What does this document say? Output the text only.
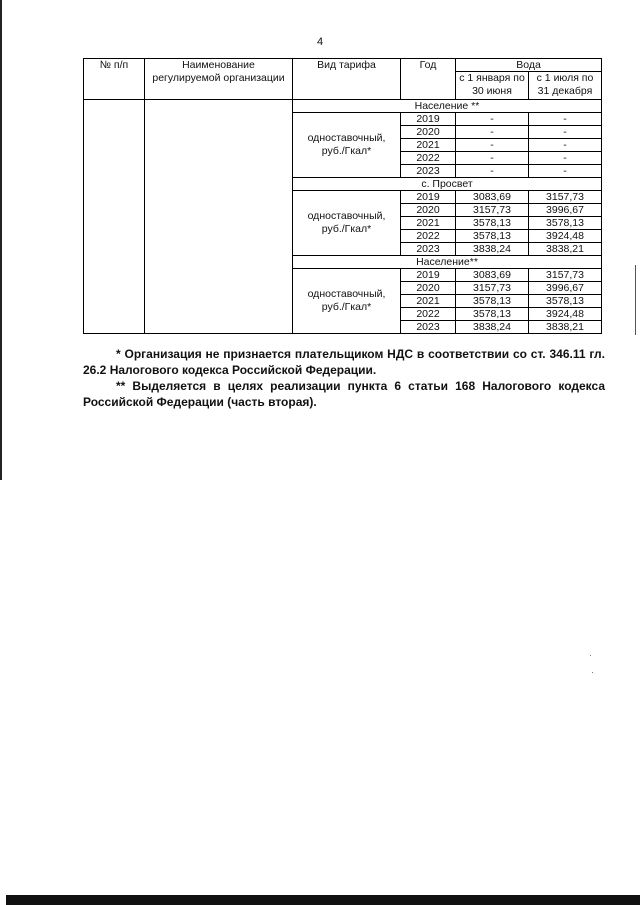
4
№ п/п	Наименование регулируемой организации	Вид тарифа	Год	Вода	
				с 1 января по 30 июня	с 1 июля по 31 декабря
		Население **			
		одноставочный, руб./Гкал*	2019	-	-
			2020	-	-
			2021	-	-
			2022	-	-
			2023	-	-
		с. Просвет			
		одноставочный, руб./Гкал*	2019	3083,69	3157,73
			2020	3157,73	3996,67
			2021	3578,13	3578,13
			2022	3578,13	3924,48
			2023	3838,24	3838,21
		Население**			
		одноставочный, руб./Гкал*	2019	3083,69	3157,73
			2020	3157,73	3996,67
			2021	3578,13	3578,13
			2022	3578,13	3924,48
			2023	3838,24	3838,21

* Организация не признается плательщиком НДС в соответствии со ст. 346.11 гл. 26.2 Налогового кодекса Российской Федерации.

** Выделяется в целях реализации пункта 6 статьи 168 Налогового кодекса Российской Федерации (часть вторая).
